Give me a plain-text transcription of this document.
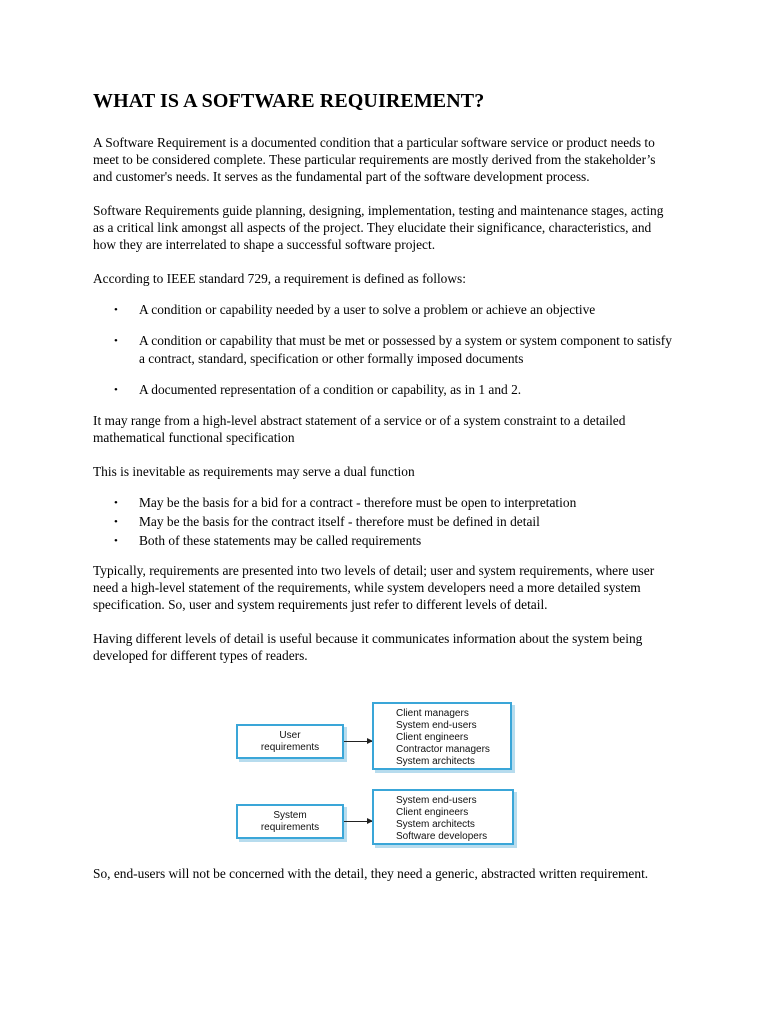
WHAT IS A SOFTWARE REQUIREMENT?

A Software Requirement is a documented condition that a particular software service or product needs to meet to be considered complete. These particular requirements are mostly derived from the stakeholder’s and customer's needs. It serves as the fundamental part of the software development process.

Software Requirements guide planning, designing, implementation, testing and maintenance stages, acting as a critical link amongst all aspects of the project. They elucidate their significance, characteristics, and how they are interrelated to shape a successful software project.

According to IEEE standard 729, a requirement is defined as follows:

• A condition or capability needed by a user to solve a problem or achieve an objective
• A condition or capability that must be met or possessed by a system or system component to satisfy a contract, standard, specification or other formally imposed documents
• A documented representation of a condition or capability, as in 1 and 2.

It may range from a high-level abstract statement of a service or of a system constraint to a detailed mathematical functional specification

This is inevitable as requirements may serve a dual function

• May be the basis for a bid for a contract - therefore must be open to interpretation
• May be the basis for the contract itself - therefore must be defined in detail
• Both of these statements may be called requirements

Typically, requirements are presented into two levels of detail; user and system requirements, where user need a high-level statement of the requirements, while system developers need a more detailed system specification. So, user and system requirements just refer to different levels of detail.

Having different levels of detail is useful because it communicates information about the system being developed for different types of readers.

User
requirements
Client managers
System end-users
Client engineers
Contractor managers
System architects
System
requirements
System end-users
Client engineers
System architects
Software developers

So, end-users will not be concerned with the detail, they need a generic, abstracted written requirement.
